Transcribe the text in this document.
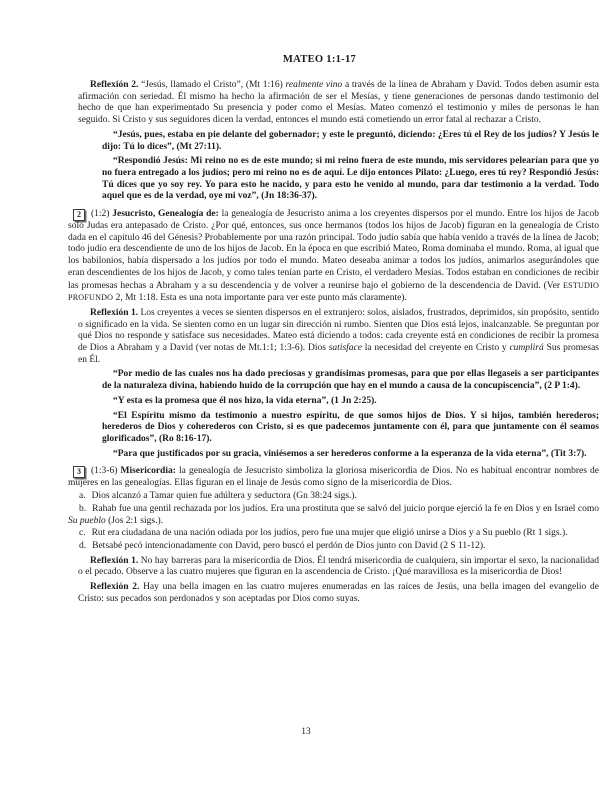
MATEO 1:1-17

Reflexión 2. “Jesús, llamado el Cristo”, (Mt 1:16) realmente vino a través de la línea de Abraham y David. Todos deben asumir esta afirmación con seriedad. Él mismo ha hecho la afirmación de ser el Mesías, y tiene generaciones de personas dando testimonio del hecho de que han experimentado Su presencia y poder como el Mesías. Mateo comenzó el testimonio y miles de personas le han seguido. Si Cristo y sus seguidores dicen la verdad, entonces el mundo está cometiendo un error fatal al rechazar a Cristo.

“Jesús, pues, estaba en pie delante del gobernador; y este le preguntó, diciendo: ¿Eres tú el Rey de los judíos? Y Jesús le dijo: Tú lo dices”, (Mt 27:11).

“Respondió Jesús: Mi reino no es de este mundo; si mi reino fuera de este mundo, mis servidores pelearían para que yo no fuera entregado a los judíos; pero mi reino no es de aquí. Le dijo entonces Pilato: ¿Luego, eres tú rey? Respondió Jesús: Tú dices que yo soy rey. Yo para esto he nacido, y para esto he venido al mundo, para dar testimonio a la verdad. Todo aquel que es de la verdad, oye mi voz”, (Jn 18:36-37).

2 (1:2) Jesucristo, Genealogía de: la genealogía de Jesucristo anima a los creyentes dispersos por el mundo. Entre los hijos de Jacob solo Judas era antepasado de Cristo. ¿Por qué, entonces, sus once hermanos (todos los hijos de Jacob) figuran en la genealogía de Cristo dada en el capítulo 46 del Génesis? Probablemente por una razón principal. Todo judío sabía que había venido a través de la línea de Jacob; todo judío era descendiente de uno de los hijos de Jacob. En la época en que escribió Mateo, Roma dominaba el mundo. Roma, al igual que los babilonios, había dispersado a los judíos por todo el mundo. Mateo deseaba animar a todos los judíos, animarlos asegurándoles que eran descendientes de los hijos de Jacob, y como tales tenían parte en Cristo, el verdadero Mesías. Todos estaban en condiciones de recibir las promesas hechas a Abraham y a su descendencia y de volver a reunirse bajo el gobierno de la descendencia de David. (Ver ESTUDIO PROFUNDO 2, Mt 1:18. Esta es una nota importante para ver este punto más claramente).

Reflexión 1. Los creyentes a veces se sienten dispersos en el extranjero: solos, aislados, frustrados, deprimidos, sin propósito, sentido o significado en la vida. Se sienten como en un lugar sin dirección ni rumbo. Sienten que Dios está lejos, inalcanzable. Se preguntan por qué Dios no responde y satisface sus necesidades. Mateo está diciendo a todos: cada creyente está en condiciones de recibir la promesa de Dios a Abraham y a David (ver notas de Mt.1:1; 1:3-6). Dios satisface la necesidad del creyente en Cristo y cumplirá Sus promesas en Él.

“Por medio de las cuales nos ha dado preciosas y grandísimas promesas, para que por ellas llegaseis a ser participantes de la naturaleza divina, habiendo huido de la corrupción que hay en el mundo a causa de la concupiscencia”, (2 P 1:4).

“Y esta es la promesa que él nos hizo, la vida eterna”, (1 Jn 2:25).

“El Espíritu mismo da testimonio a nuestro espíritu, de que somos hijos de Dios. Y si hijos, también herederos; herederos de Dios y coherederos con Cristo, si es que padecemos juntamente con él, para que juntamente con él seamos glorificados”, (Ro 8:16-17).

“Para que justificados por su gracia, viniésemos a ser herederos conforme a la esperanza de la vida eterna”, (Tit 3:7).

3 (1:3-6) Misericordia: la genealogía de Jesucristo simboliza la gloriosa misericordia de Dios. No es habitual encontrar nombres de mujeres en las genealogías. Ellas figuran en el linaje de Jesús como signo de la misericordia de Dios.

a. Dios alcanzó a Tamar quien fue adúltera y seductora (Gn 38:24 sigs.).

b. Rahab fue una gentil rechazada por los judíos. Era una prostituta que se salvó del juicio porque ejerció la fe en Dios y en Israel como Su pueblo (Jos 2:1 sigs.).

c. Rut era ciudadana de una nación odiada por los judíos, pero fue una mujer que eligió unirse a Dios y a Su pueblo (Rt 1 sigs.).

d. Betsabé pecó intencionadamente con David, pero buscó el perdón de Dios junto con David (2 S 11-12).

Reflexión 1. No hay barreras para la misericordia de Dios. Él tendrá misericordia de cualquiera, sin importar el sexo, la nacionalidad o el pecado. Observe a las cuatro mujeres que figuran en la ascendencia de Cristo. ¡Qué maravillosa es la misericordia de Dios!

Reflexión 2. Hay una bella imagen en las cuatro mujeres enumeradas en las raíces de Jesús, una bella imagen del evangelio de Cristo: sus pecados son perdonados y son aceptadas por Dios como suyas.

13
